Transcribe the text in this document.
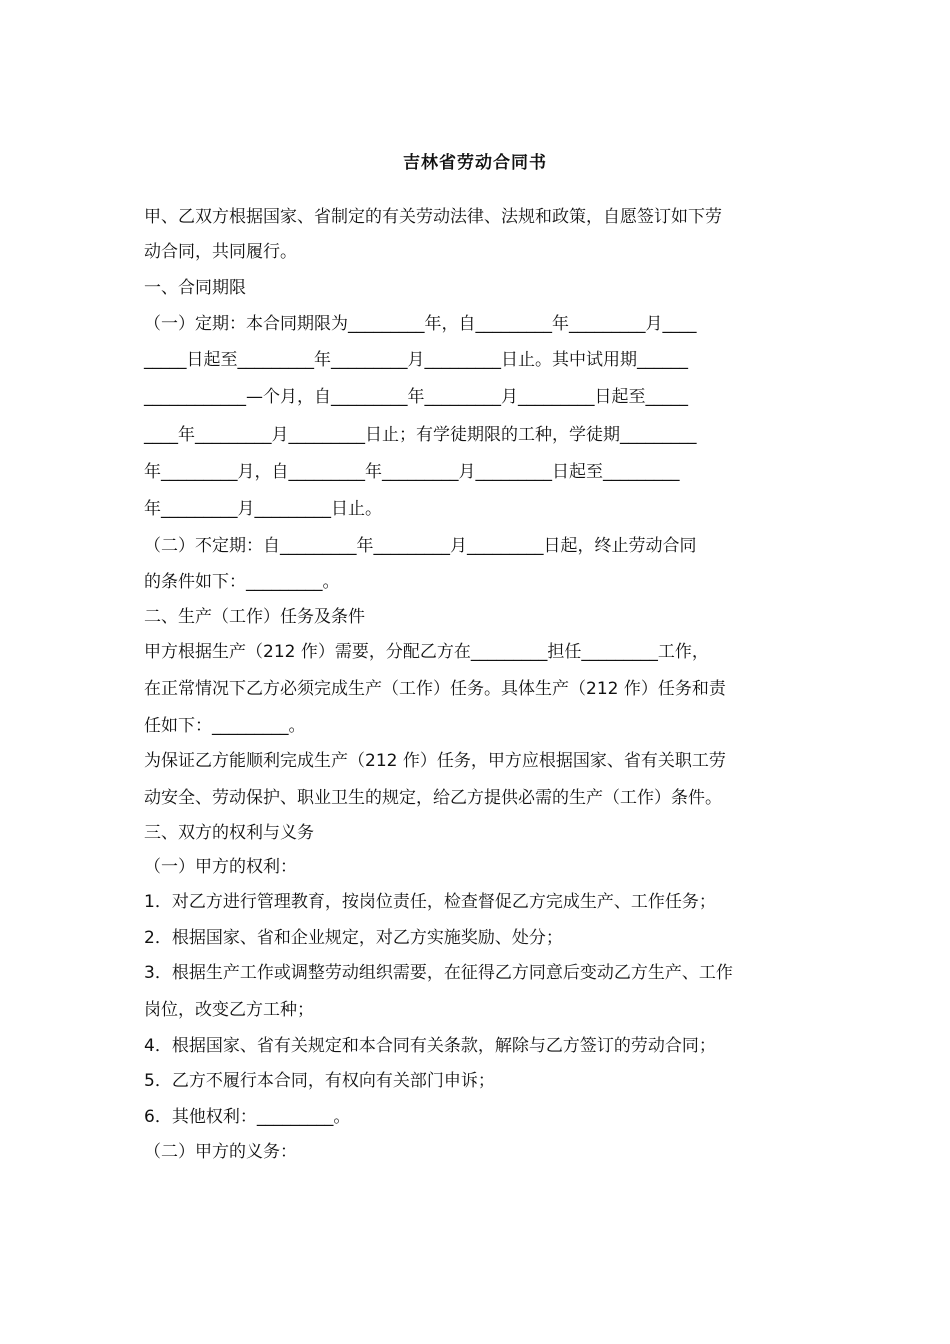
吉林省劳动合同书
甲、乙双方根据国家、省制定的有关劳动法律、法规和政策，自愿签订如下劳
动合同，共同履行。
一、合同期限
（一）定期：本合同期限为_________年，自_________年_________月____
_____日起至_________年_________月_________日止。其中试用期______
____________—个月，自_________年_________月_________日起至_____
____年_________月_________日止；有学徒期限的工种，学徒期_________
年_________月，自_________年_________月_________日起至_________
年_________月_________日止。
（二）不定期：自_________年_________月_________日起，终止劳动合同
的条件如下：_________。
二、生产（工作）任务及条件
甲方根据生产（212 作）需要，分配乙方在_________担任_________工作，
在正常情况下乙方必须完成生产（工作）任务。具体生产（212 作）任务和责
任如下：_________。
为保证乙方能顺利完成生产（212 作）任务，甲方应根据国家、省有关职工劳
动安全、劳动保护、职业卫生的规定，给乙方提供必需的生产（工作）条件。
三、双方的权利与义务
（一）甲方的权利：
1．对乙方进行管理教育，按岗位责任，检查督促乙方完成生产、工作任务；
2．根据国家、省和企业规定，对乙方实施奖励、处分；
3．根据生产工作或调整劳动组织需要，在征得乙方同意后变动乙方生产、工作
岗位，改变乙方工种；
4．根据国家、省有关规定和本合同有关条款，解除与乙方签订的劳动合同；
5．乙方不履行本合同，有权向有关部门申诉；
6．其他权利：_________。
（二）甲方的义务：
